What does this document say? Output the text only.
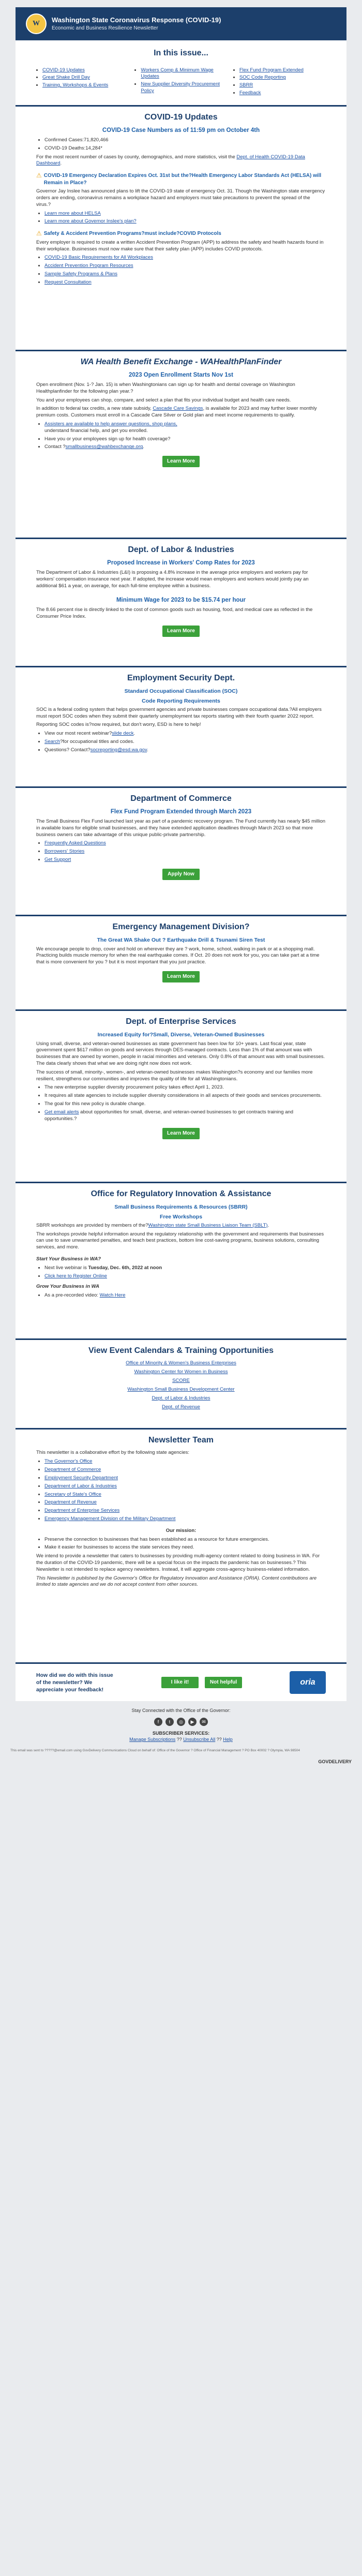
W	Washington State Coronavirus Response (COVID-19)
Economic and Business Resilience Newsletter
In this issue...
• COVID-19 Updates
• Great Shake Drill Day
• Training, Workshops & Events
• Workers Comp & Minimum Wage Updates
• New Supplier Diversity Procurement Policy
• Flex Fund Program Extended
• SOC Code Reporting
• SBRR
• Feedback
COVID-19 Updates
COVID-19 Case Numbers as of 11:59 pm on October 4th
• Confirmed Cases:71,820,466
• COVID-19 Deaths:14,284*

For the most recent number of cases by county, demographics, and more statistics, visit the Dept. of Health COVID-19 Data Dashboard.

⚠ COVID-19 Emergency Declaration Expires Oct. 31st but the?Health Emergency Labor Standards Act (HELSA) will Remain in Place?

Governor Jay Inslee has announced plans to lift the COVID-19 state of emergency Oct. 31. Though the Washington state emergency orders are ending, coronavirus remains a workplace hazard and employers must take precautions to prevent the spread of the virus.?

• Learn more about HELSA
• Learn more about Governor Inslee's plan?
⚠ Safety & Accident Prevention Programs?must include?COVID Protocols

Every employer is required to create a written Accident Prevention Program (APP) to address the safety and health hazards found in their workplace. Businesses must now make sure that their safety plan (APP) includes COVID protocols.

• COVID-19 Basic Requirements for All Workplaces
• Accident Prevention Program Resources
• Sample Safety Programs & Plans
• Request Consultation
WA Health Benefit Exchange - WAHealthPlanFinder
2023 Open Enrollment Starts Nov 1st

Open enrollment (Nov. 1-? Jan. 15) is when Washingtonians can sign up for health and dental coverage on Washington Healthplanfinder for the following plan year.?

You and your employees can shop, compare, and select a plan that fits your individual budget and health care needs.

In addition to federal tax credits, a new state subsidy, Cascade Care Savings, is available for 2023 and may further lower monthly premium costs. Customers must enroll in a Cascade Care Silver or Gold plan and meet income requirements to qualify.

• Assisters are available to help answer questions, shop plans,
understand financial help, and get you enrolled.
• Have you or your employees sign up for health coverage?
• Contact ?smallbusiness@wahbexchange.org.
Learn More
Dept. of Labor & Industries
Proposed Increase in Workers' Comp Rates for 2023

The Department of Labor & Industries (L&I) is proposing a 4.8% increase in the average price employers and workers pay for workers' compensation insurance next year. If adopted, the increase would mean employers and workers would jointly pay an additional $61 a year, on average, for each full-time employee within a business.

Minimum Wage for 2023 to be $15.74 per hour

The 8.66 percent rise is directly linked to the cost of common goods such as housing, food, and medical care as reflected in the Consumer Price Index.

Learn More
Employment Security Dept.
Standard Occupational Classification (SOC)
Code Reporting Requirements

SOC is a federal coding system that helps government agencies and private businesses compare occupational data.?All employers must report SOC codes when they submit their quarterly unemployment tax reports starting with their fourth quarter 2022 report.

Reporting SOC codes is?now required, but don't worry, ESD is here to help!

• View our most recent webinar?slide deck.
• Search?for occupational titles and codes.
• Questions? Contact?socreporting@esd.wa.gov.
Department of Commerce
Flex Fund Program Extended through March 2023

The Small Business Flex Fund launched last year as part of a pandemic recovery program. The Fund currently has nearly $45 million in available loans for eligible small businesses, and they have extended application deadlines through March 2023 so that more business owners can take advantage of this unique public-private partnership.

• Frequently Asked Questions
• Borrowers' Stories
• Get Support
Apply Now
Emergency Management Division?
The Great WA Shake Out ? Earthquake Drill & Tsunami Siren Test

We encourage people to drop, cover and hold on wherever they are ? work, home, school, walking in park or at a shopping mall. Practicing builds muscle memory for when the real earthquake comes. If Oct. 20 does not work for you, you can take part at a time that is more convenient for you ? but it is most important that you just practice.

Learn More
Dept. of Enterprise Services
Increased Equity for?Small, Diverse, Veteran-Owned Businesses

Using small, diverse, and veteran-owned businesses as state government has been low for 10+ years. Last fiscal year, state government spent $617 million on goods and services through DES-managed contracts. Less than 1% of that amount was with businesses that are owned by women, people in racial minorities and veterans. Only 0.8% of that amount was with small businesses. The data clearly shows that what we are doing right now does not work.

The success of small, minority-, women-, and veteran-owned businesses makes Washington?s economy and our families more resilient, strengthens our communities and improves the quality of life for all Washingtonians.

• The new enterprise supplier diversity procurement policy takes effect April 1, 2023.
• It requires all state agencies to include supplier diversity considerations in all aspects of their goods and services procurements.
• The goal for this new policy is durable change.
• Get email alerts about opportunities for small, diverse, and veteran-owned businesses to get contracts training and opportunities.?
Learn More
Office for Regulatory Innovation & Assistance
Small Business Requirements & Resources (SBRR)
Free Workshops

SBRR workshops are provided by members of the?Washington state Small Business Liaison Team (SBLT).

The workshops provide helpful information around the regulatory relationship with the government and requirements that businesses can use to save unwarranted penalties, and teach best practices, bottom line cost-saving programs, business solutions, consulting services, and more.

Start Your Business in WA?

• Next live webinar is Tuesday, Dec. 6th, 2022 at noon
• Click here to Register Online

Grow Your Business in WA

• As a pre-recorded video: Watch Here
View Event Calendars & Training Opportunities

Office of Minority & Women's Business Enterprises

Washington Center for Women in Business

SCORE

Washington Small Business Development Center

Dept. of Labor & Industries

Dept. of Revenue

Newsletter Team

This newsletter is a collaborative effort by the following state agencies:

• The Governor's Office
• Department of Commerce
• Employment Security Department
• Department of Labor & Industries
• Secretary of State's Office
• Department of Revenue
• Department of Enterprise Services
• Emergency Management Division of the Military Department

Our mission:

• Preserve the connection to businesses that has been established as a resource for future emergencies.
• Make it easier for businesses to access the state services they need.

We intend to provide a newsletter that caters to businesses by providing multi-agency content related to doing business in WA. For the duration of the COVID-19 pandemic, there will be a special focus on the impacts the pandemic has on businesses.? This Newsletter is not intended to replace agency newsletters. Instead, it will aggregate cross-agency business-related information.

This Newsletter is published by the Governor's Office for Regulatory Innovation and Assistance (ORIA). Content contributions are limited to state agencies and we do not accept content from other sources.

How did we do with this issue of the newsletter? We appreciate your feedback!
I like it!	Not helpful	oria
Stay Connected with the Office of the Governor:
f	t	◎	▶	✉
SUBSCRIBER SERVICES:
Manage Subscriptions ?? Unsubscribe All ?? Help
This email was sent to ?????@email.com using GovDelivery Communications Cloud on behalf of: Office of the Governor ? Office of Financial Management ? PO Box 40002 ? Olympia, WA 98504
GOVDELIVERY
